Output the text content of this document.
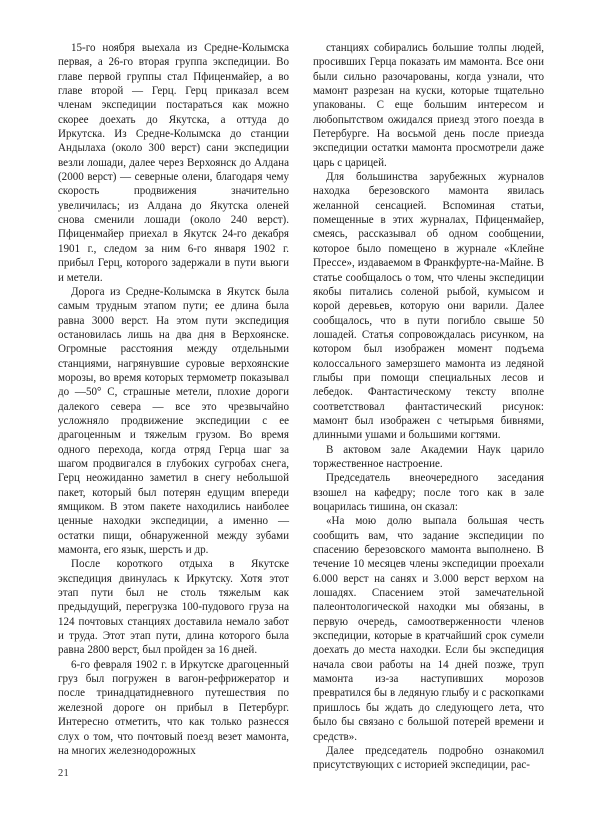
15-го ноября выехала из Средне-Колымска первая, а 26-го вторая группа экспедиции. Во главе первой группы стал Пфиценмайер, а во главе второй — Герц. Герц приказал всем членам экспедиции постараться как можно скорее доехать до Якутска, а оттуда до Иркутска. Из Средне-Колымска до станции Андылаха (около 300 верст) сани экспедиции везли лошади, далее через Верхоянск до Алдана (2000 верст) — северные олени, благодаря чему скорость продвижения значительно увеличилась; из Алдана до Якутска оленей снова сменили лошади (около 240 верст). Пфиценмайер приехал в Якутск 24-го декабря 1901 г., следом за ним 6-го января 1902 г. прибыл Герц, которого задержали в пути вьюги и метели.

Дорога из Средне-Колымска в Якутск была самым трудным этапом пути; ее длина была равна 3000 верст. На этом пути экспедиция остановилась лишь на два дня в Верхоянске. Огромные расстояния между отдельными станциями, нагрянувшие суровые верхоянские морозы, во время которых термометр показывал до —50° С, страшные метели, плохие дороги далекого севера — все это чрезвычайно усложняло продвижение экспедиции с ее драгоценным и тяжелым грузом. Во время одного перехода, когда отряд Герца шаг за шагом продвигался в глубоких сугробах снега, Герц неожиданно заметил в снегу небольшой пакет, который был потерян едущим впереди ямщиком. В этом пакете находились наиболее ценные находки экспедиции, а именно — остатки пищи, обнаруженной между зубами мамонта, его язык, шерсть и др.

После короткого отдыха в Якутске экспедиция двинулась к Иркутску. Хотя этот этап пути был не столь тяжелым как предыдущий, перегрузка 100-пудового груза на 124 почтовых станциях доставила немало забот и труда. Этот этап пути, длина которого была равна 2800 верст, был пройден за 16 дней.

6-го февраля 1902 г. в Иркутске драгоценный груз был погружен в вагон-рефрижератор и после тринадцатидневного путешествия по железной дороге он прибыл в Петербург. Интересно отметить, что как только разнесся слух о том, что почтовый поезд везет мамонта, на многих железнодорожных

станциях собирались большие толпы людей, просивших Герца показать им мамонта. Все они были сильно разочарованы, когда узнали, что мамонт разрезан на куски, которые тщательно упакованы. С еще большим интересом и любопытством ожидался приезд этого поезда в Петербурге. На восьмой день после приезда экспедиции остатки мамонта просмотрели даже царь с царицей.

Для большинства зарубежных журналов находка березовского мамонта явилась желанной сенсацией. Вспоминая статьи, помещенные в этих журналах, Пфиценмайер, смеясь, рассказывал об одном сообщении, которое было помещено в журнале «Клейне Прессе», издаваемом в Франкфурте-на-Майне. В статье сообщалось о том, что члены экспедиции якобы питались соленой рыбой, кумысом и корой деревьев, которую они варили. Далее сообщалось, что в пути погибло свыше 50 лошадей. Статья сопровождалась рисунком, на котором был изображен момент подъема колоссального замерзшего мамонта из ледяной глыбы при помощи специальных лесов и лебедок. Фантастическому тексту вполне соответствовал фантастический рисунок: мамонт был изображен с четырьмя бивнями, длинными ушами и большими когтями.

В актовом зале Академии Наук царило торжественное настроение.

Председатель внеочередного заседания взошел на кафедру; после того как в зале воцарилась тишина, он сказал:

«На мою долю выпала большая честь сообщить вам, что задание экспедиции по спасению березовского мамонта выполнено. В течение 10 месяцев члены экспедиции проехали 6.000 верст на санях и 3.000 верст верхом на лошадях. Спасением этой замечательной палеонтологической находки мы обязаны, в первую очередь, самоотверженности членов экспедиции, которые в кратчайший срок сумели доехать до места находки. Если бы экспедиция начала свои работы на 14 дней позже, труп мамонта из-за наступивших морозов превратился бы в ледяную глыбу и с раскопками пришлось бы ждать до следующего лета, что было бы связано с большой потерей времени и средств».

Далее председатель подробно ознакомил присутствующих с историей экспедиции, рас-

21
